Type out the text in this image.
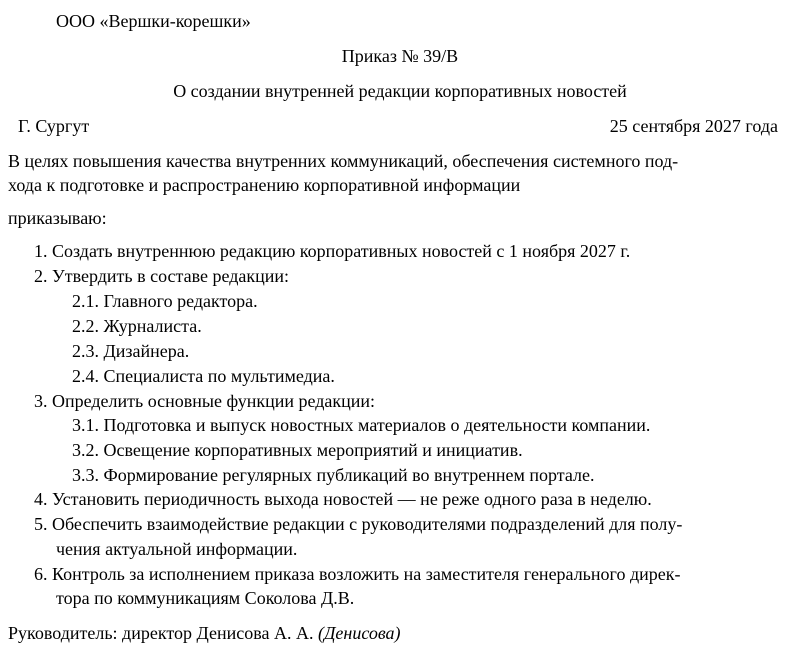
ООО «Вершки-корешки»
Приказ № 39/В
О создании внутренней редакции корпоративных новостей
Г. Сургут	25 сентября 2027 года
В целях повышения качества внутренних коммуникаций, обеспечения системного под-
хода к подготовке и распространению корпоративной информации
приказываю:
1. Создать внутреннюю редакцию корпоративных новостей с 1 ноября 2027 г.
2. Утвердить в составе редакции:
2.1. Главного редактора.
2.2. Журналиста.
2.3. Дизайнера.
2.4. Специалиста по мультимедиа.
3. Определить основные функции редакции:
3.1. Подготовка и выпуск новостных материалов о деятельности компании.
3.2. Освещение корпоративных мероприятий и инициатив.
3.3. Формирование регулярных публикаций во внутреннем портале.
4. Установить периодичность выхода новостей — не реже одного раза в неделю.
5. Обеспечить взаимодействие редакции с руководителями подразделений для полу-
чения актуальной информации.
6. Контроль за исполнением приказа возложить на заместителя генерального дирек-
тора по коммуникациям Соколова Д.В.
Руководитель: директор Денисова А. А. (Денисова)
